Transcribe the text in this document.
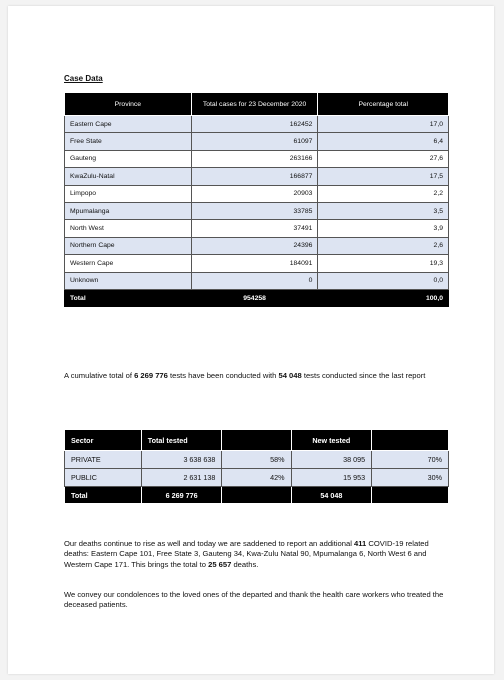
Case Data
Province	Total cases for 23 December 2020	Percentage total
Eastern Cape	162452	17,0
Free State	61097	6,4
Gauteng	263166	27,6
KwaZulu-Natal	166877	17,5
Limpopo	20903	2,2
Mpumalanga	33785	3,5
North West	37491	3,9
Northern Cape	24396	2,6
Western Cape	184091	19,3
Unknown	0	0,0
Total	954258	100,0

A cumulative total of 6 269 776 tests have been conducted with 54 048 tests conducted since the last report

Sector	Total tested		New tested	
PRIVATE	3 638 638	58%	38 095	70%
PUBLIC	2 631 138	42%	15 953	30%
Total	6 269 776		54 048	

Our deaths continue to rise as well and today we are saddened to report an additional 411 COVID-19 related deaths: Eastern Cape 101, Free State 3, Gauteng 34, Kwa-Zulu Natal 90, Mpumalanga 6, North West 6 and Western Cape 171. This brings the total to 25 657 deaths.

We convey our condolences to the loved ones of the departed and thank the health care workers who treated the deceased patients.
